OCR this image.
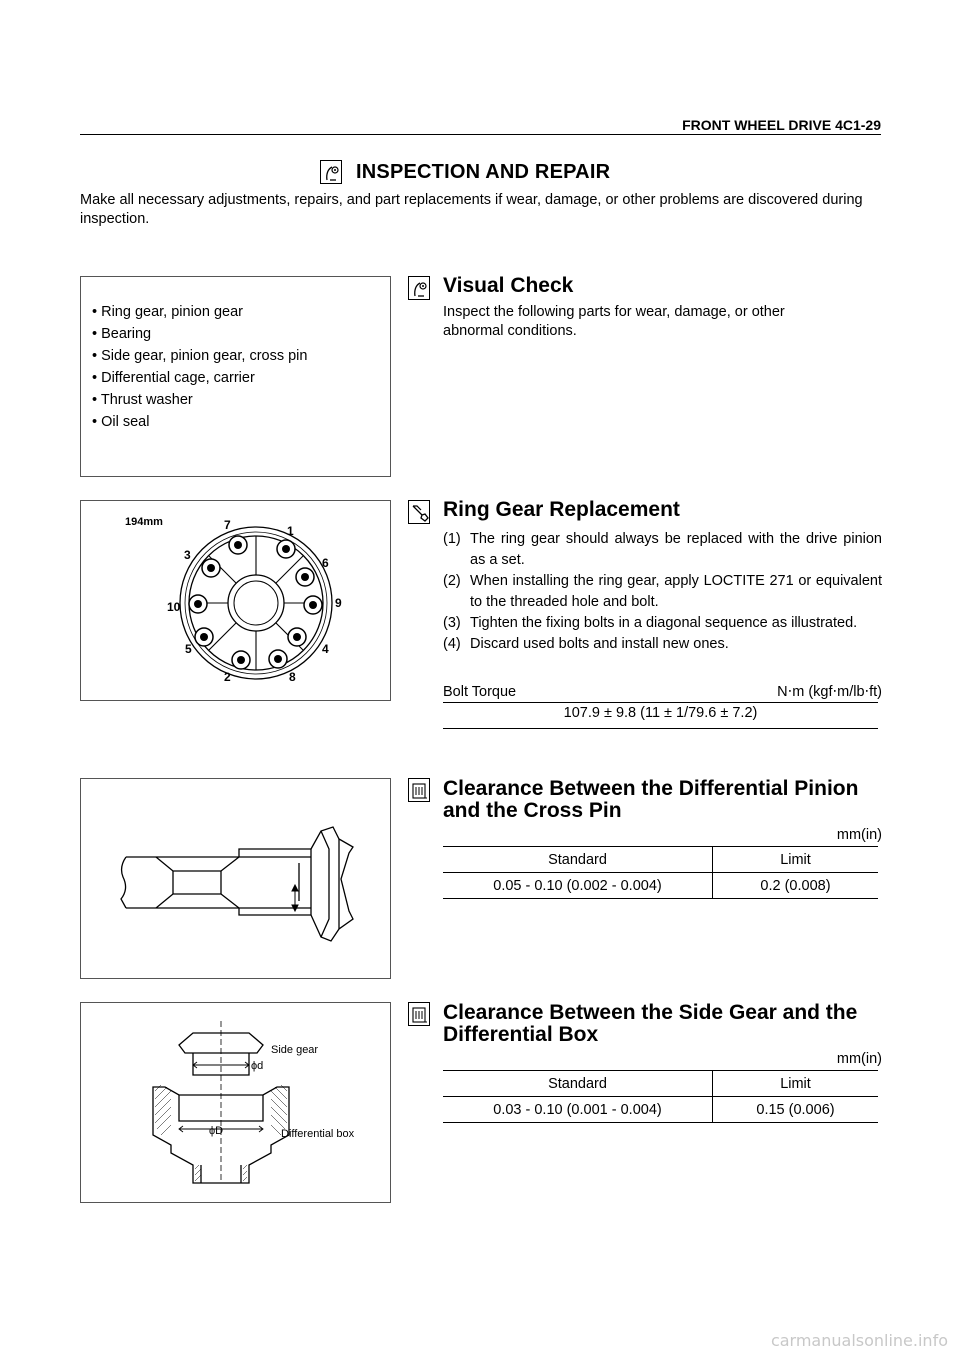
FRONT WHEEL DRIVE 4C1-29
INSPECTION AND REPAIR
Make all necessary adjustments, repairs, and part replacements if wear, damage, or other problems are discovered during inspection.
• Ring gear, pinion gear
• Bearing
• Side gear, pinion gear, cross pin
• Differential cage, carrier
• Thrust washer
• Oil seal
Visual Check
Inspect the following parts for wear, damage, or other abnormal conditions.
194mm	7	1
3
6
9
10
5	4
2	8
Ring Gear Replacement
(1) The ring gear should always be replaced with the drive pinion as a set.
(2) When installing the ring gear, apply LOCTITE 271 or equivalent to the threaded hole and bolt.
(3) Tighten the fixing bolts in a diagonal sequence as illustrated.
(4) Discard used bolts and install new ones.
Bolt Torque	N⋅m (kgf⋅m/lb⋅ft)
107.9 ± 9.8 (11 ± 1/79.6 ± 7.2)
Clearance Between the Differential Pinion
and the Cross Pin
mm(in)
Standard	Limit
0.05 - 0.10 (0.002 - 0.004)	0.2 (0.008)
Side gear
ϕd
ϕD	Differential box
Clearance Between the Side Gear and the
Differential Box
mm(in)
Standard	Limit
0.03 - 0.10 (0.001 - 0.004)	0.15 (0.006)
carmanualsonline.info
